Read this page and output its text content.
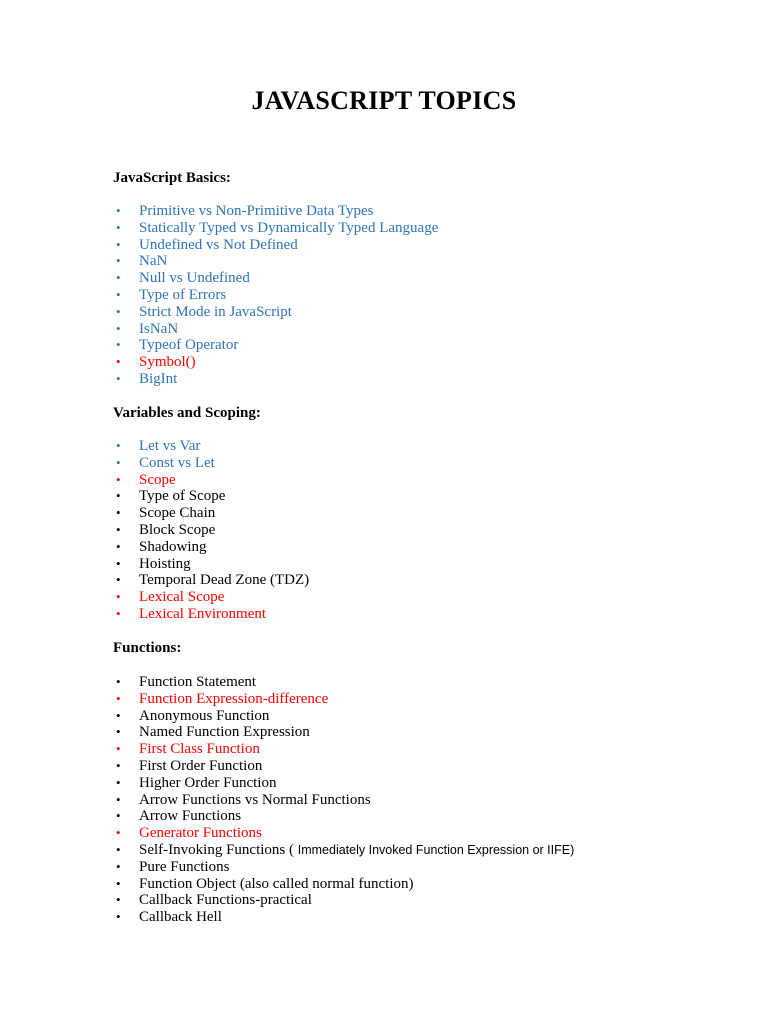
JAVASCRIPT TOPICS
JavaScript Basics:
• Primitive vs Non-Primitive Data Types
• Statically Typed vs Dynamically Typed Language
• Undefined vs Not Defined
• NaN
• Null vs Undefined
• Type of Errors
• Strict Mode in JavaScript
• IsNaN
• Typeof Operator
• Symbol()
• BigInt
Variables and Scoping:
• Let vs Var
• Const vs Let
• Scope
• Type of Scope
• Scope Chain
• Block Scope
• Shadowing
• Hoisting
• Temporal Dead Zone (TDZ)
• Lexical Scope
• Lexical Environment
Functions:
• Function Statement
• Function Expression-difference
• Anonymous Function
• Named Function Expression
• First Class Function
• First Order Function
• Higher Order Function
• Arrow Functions vs Normal Functions
• Arrow Functions
• Generator Functions
• Self-Invoking Functions ( Immediately Invoked Function Expression or IIFE)
• Pure Functions
• Function Object (also called normal function)
• Callback Functions-practical
• Callback Hell
